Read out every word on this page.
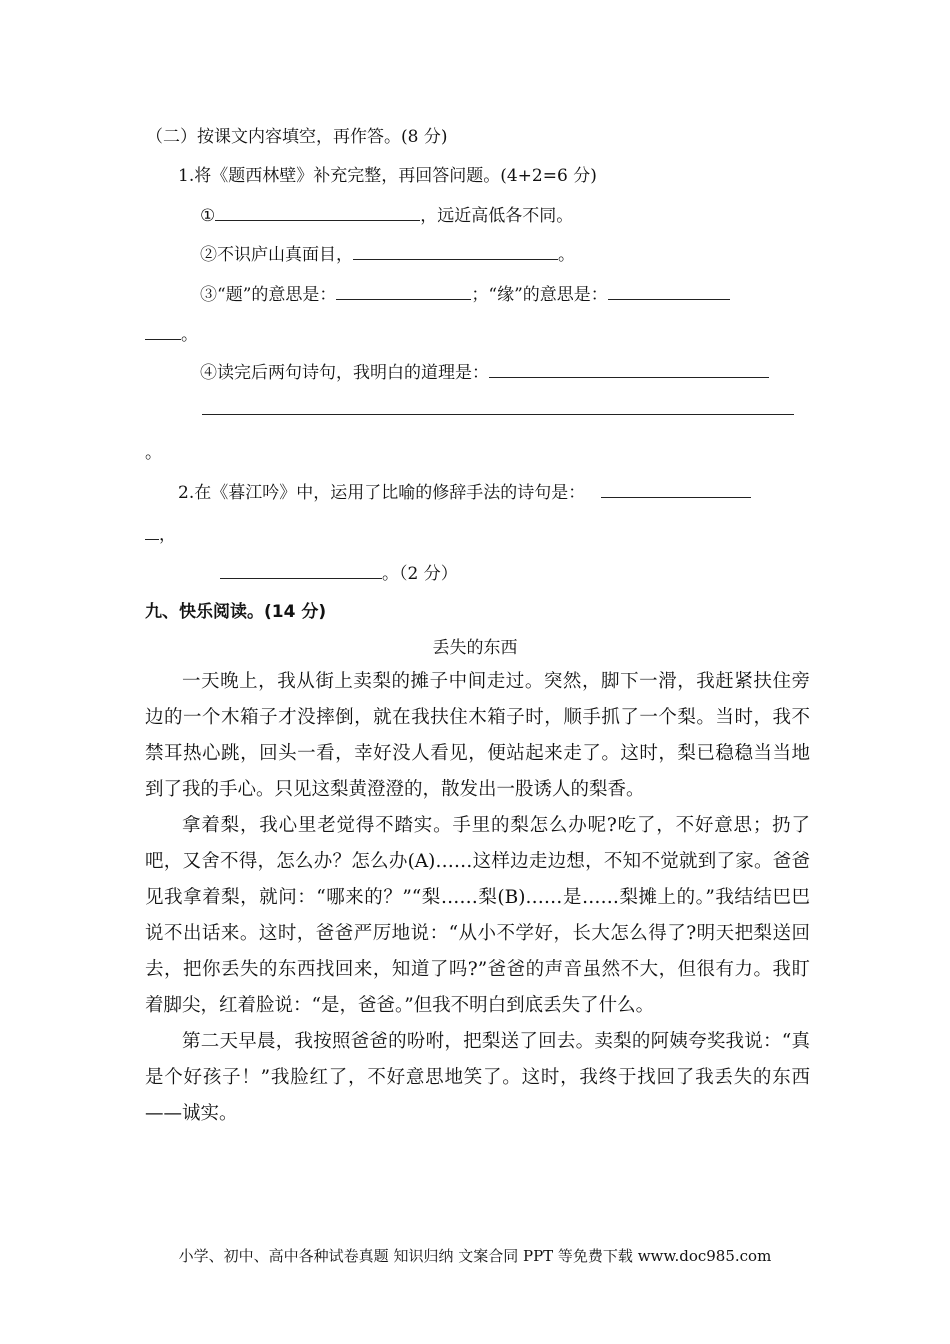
（二）按课文内容填空，再作答。(8 分)
1.将《题西林壁》补充完整，再回答问题。(4+2=6 分)
①	，远近高低各不同。
②不识庐山真面目，	。
③“题”的意思是：	；“缘”的意思是：
。
④读完后两句诗句，我明白的道理是：
。
2.在《暮江吟》中，运用了比喻的修辞手法的诗句是：
，
。（2 分）
九、快乐阅读。(14 分)
丢失的东西

一天晚上，我从街上卖梨的摊子中间走过。突然，脚下一滑，我赶紧扶住旁边的一个木箱子才没摔倒，就在我扶住木箱子时，顺手抓了一个梨。当时，我不禁耳热心跳，回头一看，幸好没人看见，便站起来走了。这时，梨已稳稳当当地到了我的手心。只见这梨黄澄澄的，散发出一股诱人的梨香。

拿着梨，我心里老觉得不踏实。手里的梨怎么办呢?吃了，不好意思；扔了吧，又舍不得，怎么办？怎么办(A)……这样边走边想，不知不觉就到了家。爸爸见我拿着梨，就问：“哪来的？”“梨……梨(B)……是……梨摊上的。”我结结巴巴说不出话来。这时，爸爸严厉地说：“从小不学好，长大怎么得了?明天把梨送回去，把你丢失的东西找回来，知道了吗?”爸爸的声音虽然不大，但很有力。我盯着脚尖，红着脸说：“是，爸爸。”但我不明白到底丢失了什么。

第二天早晨，我按照爸爸的吩咐，把梨送了回去。卖梨的阿姨夸奖我说：“真是个好孩子！”我脸红了，不好意思地笑了。这时，我终于找回了我丢失的东西——诚实。

小学、初中、高中各种试卷真题 知识归纳 文案合同 PPT 等免费下载 www.doc985.com
